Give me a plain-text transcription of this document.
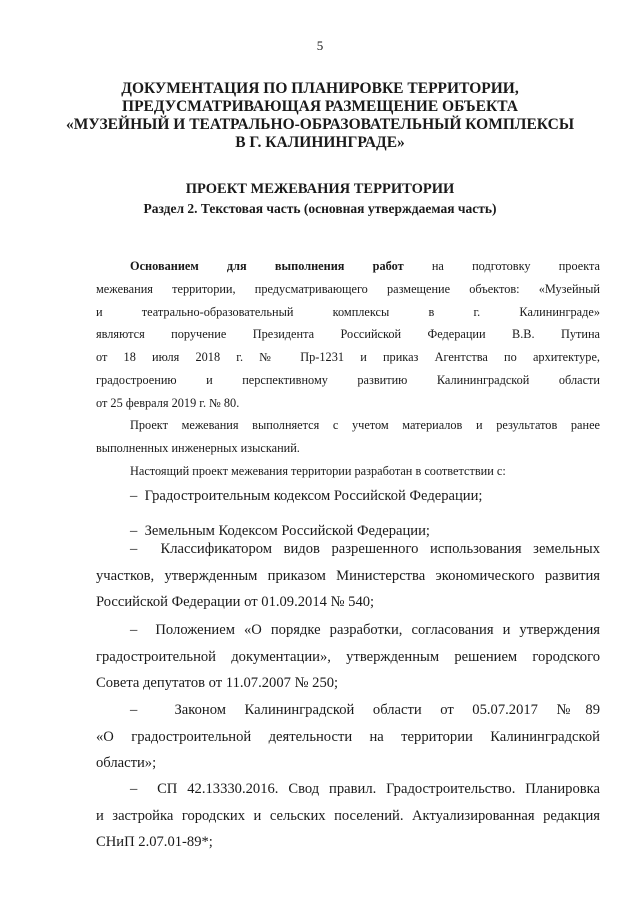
5
ДОКУМЕНТАЦИЯ ПО ПЛАНИРОВКЕ ТЕРРИТОРИИ,
ПРЕДУСМАТРИВАЮЩАЯ РАЗМЕЩЕНИЕ ОБЪЕКТА
«МУЗЕЙНЫЙ И ТЕАТРАЛЬНО-ОБРАЗОВАТЕЛЬНЫЙ КОМПЛЕКСЫ
В Г. КАЛИНИНГРАДЕ»
ПРОЕКТ МЕЖЕВАНИЯ ТЕРРИТОРИИ
Раздел 2. Текстовая часть (основная утверждаемая часть)
Основанием для выполнения работ на подготовку проекта
межевания территории, предусматривающего размещение объектов: «Музейный
и театрально-образовательный комплексы в г. Калининграде»
являются поручение Президента Российской Федерации В.В. Путина
от 18 июля 2018 г. № Пр-1231 и приказ Агентства по архитектуре,
градостроению и перспективному развитию Калининградской области
от 25 февраля 2019 г. № 80.
Проект межевания выполняется с учетом материалов и результатов ранее
выполненных инженерных изысканий.
Настоящий проект межевания территории разработан в соответствии с:
– Градостроительным кодексом Российской Федерации;
– Земельным Кодексом Российской Федерации;
– Классификатором видов разрешенного использования земельных
участков, утвержденным приказом Министерства экономического развития
Российской Федерации от 01.09.2014 № 540;
– Положением «О порядке разработки, согласования и утверждения
градостроительной документации», утвержденным решением городского
Совета депутатов от 11.07.2007 № 250;
–	Законом Калининградской области от 05.07.2017 №89
«О градостроительной деятельности на территории Калининградской
области»;
– СП 42.13330.2016. Свод правил. Градостроительство. Планировка
и застройка городских и сельских поселений. Актуализированная редакция
СНиП 2.07.01-89*;
